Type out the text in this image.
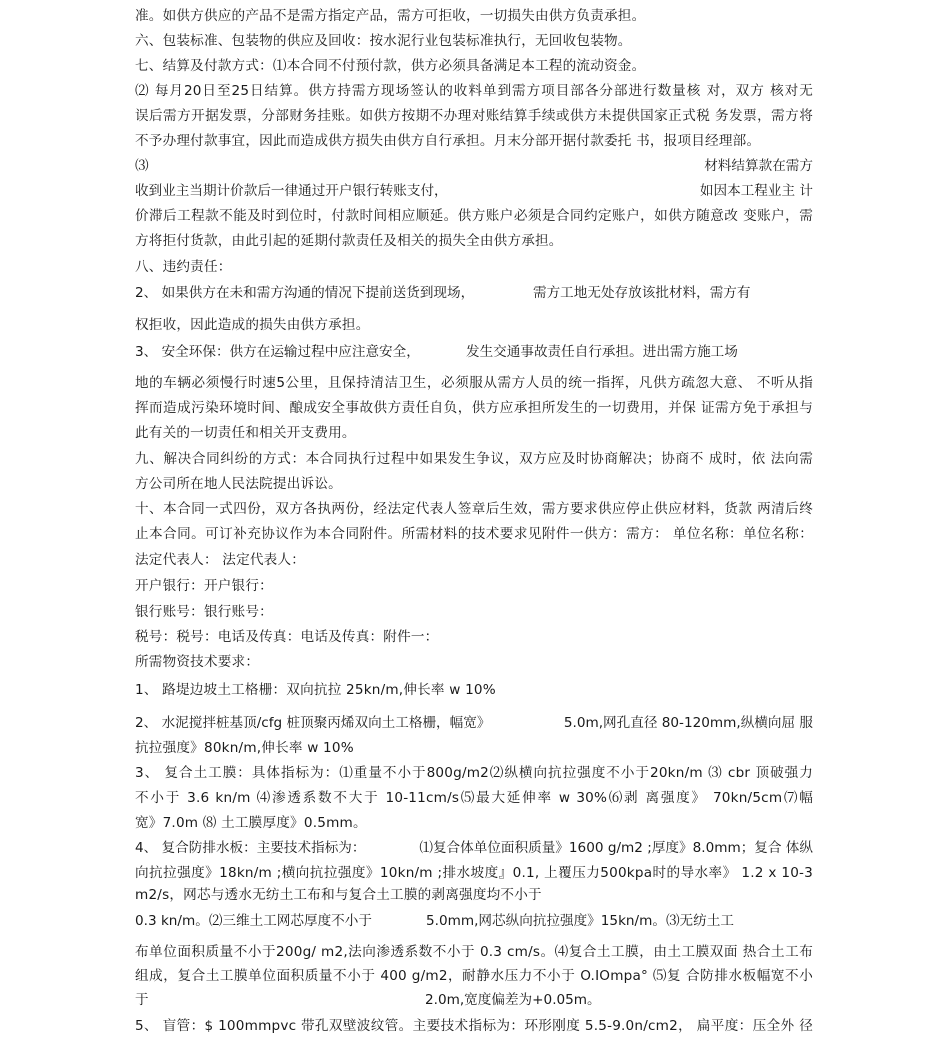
准。如供方供应的产品不是需方指定产品，需方可拒收，一切损失由供方负责承担。
六、包装标准、包装物的供应及回收：按水泥行业包装标准执行，无回收包装物。
七、结算及付款方式：⑴本合同不付预付款，供方必须具备满足本工程的流动资金。
⑵ 每月20日至25日结算。供方持需方现场签认的收料单到需方项目部各分部进行数量核 对，双方 核对无
误后需方开据发票，分部财务挂账。如供方按期不办理对账结算手续或供方未提供国家正式税 务发票，需方将
不予办理付款事宜，因此而造成供方损失由供方自行承担。月末分部开据付款委托 书，报项目经理部。
⑶	材料结算款在需方
收到业主当期计价款后一律通过开户银行转账支付，	如因本工程业主 计
价滞后工程款不能及时到位时，付款时间相应顺延。供方账户必须是合同约定账户，如供方随意改 变账户，需
方将拒付货款，由此引起的延期付款责任及相关的损失全由供方承担。
八、违约责任：
2、 如果供方在未和需方沟通的情况下提前送货到现场，	需方工地无处存放该批材料，需方有
权拒收，因此造成的损失由供方承担。
3、 安全环保：供方在运输过程中应注意安全，	发生交通事故责任自行承担。进出需方施工场
地的车辆必须慢行时速5公里，且保持清洁卫生，必须服从需方人员的统一指挥，凡供方疏忽大意、 不听从指
挥而造成污染环境时间、酿成安全事故供方责任自负，供方应承担所发生的一切费用，并保 证需方免于承担与
此有关的一切责任和相关开支费用。
九、解决合同纠纷的方式：本合同执行过程中如果发生争议，双方应及时协商解决；协商不 成时，依 法向需
方公司所在地人民法院提出诉讼。
十、本合同一式四份，双方各执两份，经法定代表人签章后生效，需方要求供应停止供应材料，货款 两清后终
止本合同。可订补充协议作为本合同附件。所需材料的技术要求见附件一供方：需方： 单位名称：单位名称：
法定代表人： 法定代表人：
开户银行：开户银行：
银行账号：银行账号：
税号：税号：电话及传真：电话及传真：附件一：
所需物资技术要求：
1、 路堤边坡土工格栅：双向抗拉 25kn/m,伸长率 w 10%
2、 水泥搅拌桩基顶/cfg 桩顶聚丙烯双向土工格栅，幅宽》	5.0m,网孔直径 80-120mm,纵横向屈 服
抗拉强度》80kn/m,伸长率 w 10%
3、 复合土工膜：具体指标为：⑴重量不小于800g/m2⑵纵横向抗拉强度不小于20kn/m ⑶ cbr 顶破强力
不小于 3.6 kn/m ⑷渗透系数不大于 10-11cm/s⑸最大延伸率 w 30%⑹剥 离强度》 70kn/5cm⑺幅
宽》7.0m ⑻ 土工膜厚度》0.5mm。
4、 复合防排水板：主要技术指标为：	⑴复合体单位面积质量》1600 g/m2 ;厚度》8.0mm；复合 体纵
向抗拉强度》18kn/m ;横向抗拉强度》10kn/m ;排水坡度』0.1, 上覆压力500kpa时的导水率》 1.2 x 10-3
m2/s，网芯与透水无纺土工布和与复合土工膜的剥离强度均不小于
0.3 kn/m。⑵三维土工网芯厚度不小于	5.0mm,网芯纵向抗拉强度》15kn/m。⑶无纺土工
布单位面积质量不小于200g/ m2,法向渗透系数不小于 0.3 cm/s。⑷复合土工膜，由土工膜双面 热合土工布
组成，复合土工膜单位面积质量不小于 400 g/m2，耐静水压力不小于 O.IOmpa° ⑸复 合防排水板幅宽不小
于	2.0m,宽度偏差为+0.05m。
5、 盲管：$ 100mmpvc 带孔双壁波纹管。主要技术指标为：环形刚度 5.5-9.0n/cm2， 扁平度：压全外 径
